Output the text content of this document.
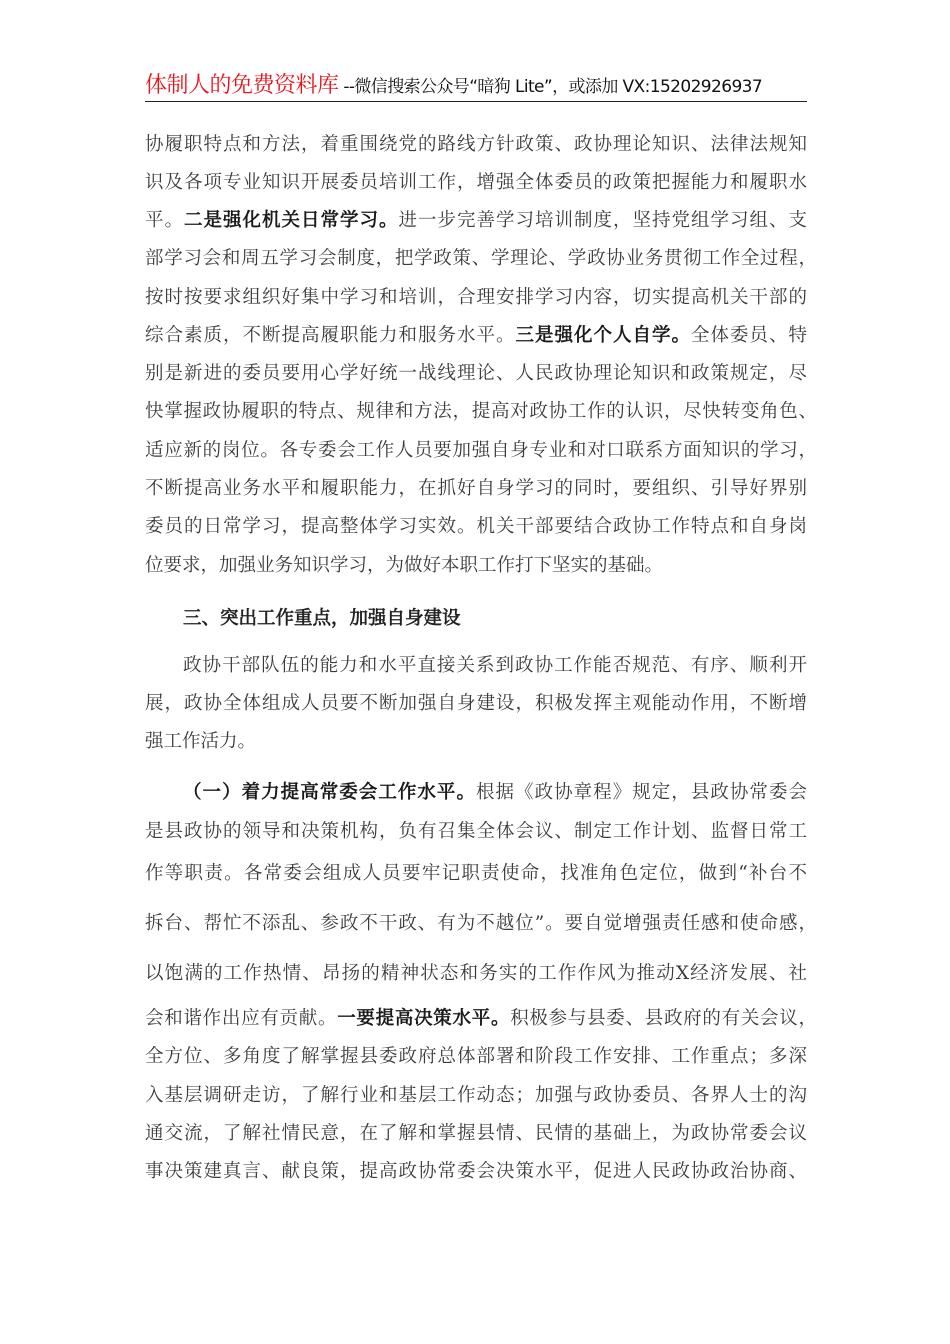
体制人的免费资料库 --微信搜索公众号“暗狗 Lite”，或添加 VX:15202926937
三、突出工作重点，加强自身建设
协履职特点和方法，着重围绕党的路线方针政策、政协理论知识、法律法规知
识及各项专业知识开展委员培训工作，增强全体委员的政策把握能力和履职水
平。二是强化机关日常学习。进一步完善学习培训制度，坚持党组学习组、支
部学习会和周五学习会制度，把学政策、学理论、学政协业务贯彻工作全过程，
按时按要求组织好集中学习和培训，合理安排学习内容，切实提高机关干部的
综合素质，不断提高履职能力和服务水平。三是强化个人自学。全体委员、特
别是新进的委员要用心学好统一战线理论、人民政协理论知识和政策规定，尽
快掌握政协履职的特点、规律和方法，提高对政协工作的认识，尽快转变角色、
适应新的岗位。各专委会工作人员要加强自身专业和对口联系方面知识的学习，
不断提高业务水平和履职能力，在抓好自身学习的同时，要组织、引导好界别
委员的日常学习，提高整体学习实效。机关干部要结合政协工作特点和自身岗
位要求，加强业务知识学习，为做好本职工作打下坚实的基础。
政协干部队伍的能力和水平直接关系到政协工作能否规范、有序、顺利开
展，政协全体组成人员要不断加强自身建设，积极发挥主观能动作用，不断增
强工作活力。
（一）着力提高常委会工作水平。根据《政协章程》规定，县政协常委会
是县政协的领导和决策机构，负有召集全体会议、制定工作计划、监督日常工
作等职责。各常委会组成人员要牢记职责使命，找准角色定位，做到“补台不
拆台、帮忙不添乱、参政不干政、有为不越位”。要自觉增强责任感和使命感，
以饱满的工作热情、昂扬的精神状态和务实的工作作风为推动X经济发展、社
会和谐作出应有贡献。一要提高决策水平。积极参与县委、县政府的有关会议，
全方位、多角度了解掌握县委政府总体部署和阶段工作安排、工作重点；多深
入基层调研走访，了解行业和基层工作动态；加强与政协委员、各界人士的沟
通交流，了解社情民意，在了解和掌握县情、民情的基础上，为政协常委会议
事决策建真言、献良策，提高政协常委会决策水平，促进人民政协政治协商、
